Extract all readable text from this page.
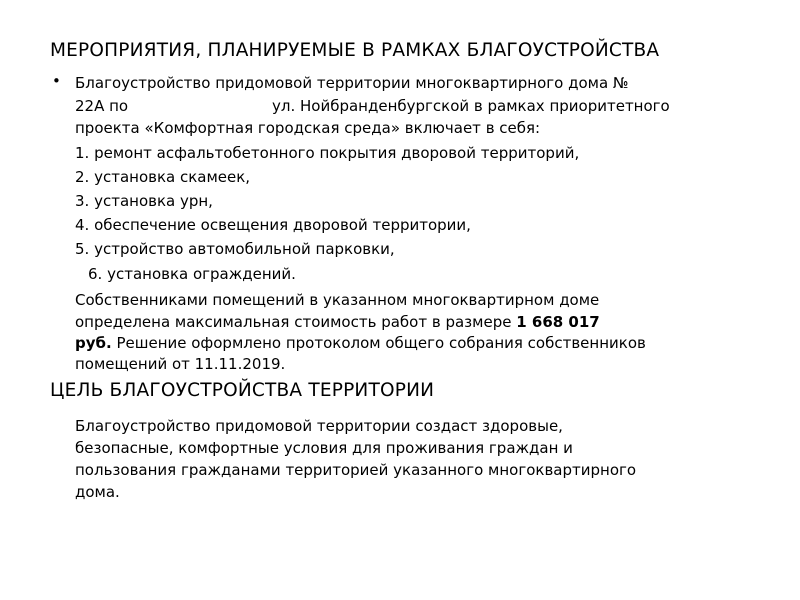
МЕРОПРИЯТИЯ, ПЛАНИРУЕМЫЕ В РАМКАХ БЛАГОУСТРОЙСТВА
• Благоустройство придомовой территории многоквартирного дома №
22А по	ул. Нойбранденбургской в рамках приоритетного
проекта «Комфортная городская среда» включает в себя:
1. ремонт асфальтобетонного покрытия дворовой территорий,
2. установка скамеек,
3. установка урн,
4. обеспечение освещения дворовой территории,
5. устройство автомобильной парковки,
6. установка ограждений.
Собственниками помещений в указанном многоквартирном доме
определена максимальная стоимость работ в размере 1 668 017
руб. Решение оформлено протоколом общего собрания собственников
помещений от 11.11.2019.
ЦЕЛЬ БЛАГОУСТРОЙСТВА ТЕРРИТОРИИ
Благоустройство придомовой территории создаст здоровые,
безопасные, комфортные условия для проживания граждан и
пользования гражданами территорией указанного многоквартирного
дома.
